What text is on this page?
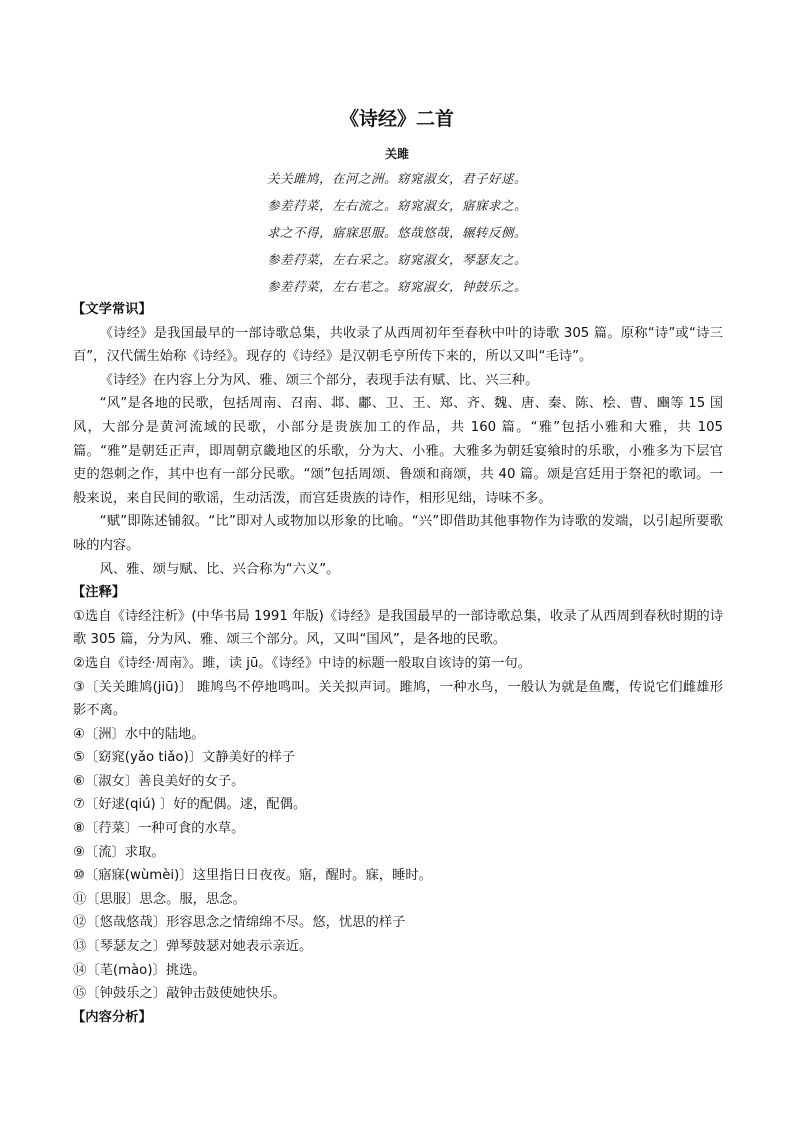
《诗经》二首
关雎
关关雎鸠，在河之洲。窈窕淑女，君子好逑。
参差荇菜，左右流之。窈窕淑女，寤寐求之。
求之不得，寤寐思服。悠哉悠哉，辗转反侧。
参差荇菜，左右采之。窈窕淑女，琴瑟友之。
参差荇菜，左右芼之。窈窕淑女，钟鼓乐之。
【文学常识】
《诗经》是我国最早的一部诗歌总集，共收录了从西周初年至春秋中叶的诗歌 305 篇。原称“诗”或“诗三百”，汉代儒生始称《诗经》。现存的《诗经》是汉朝毛亨所传下来的，所以又叫“毛诗”。
《诗经》在内容上分为风、雅、颂三个部分，表现手法有赋、比、兴三种。
“风”是各地的民歌，包括周南、召南、邶、鄘、卫、王、郑、齐、魏、唐、秦、陈、桧、曹、豳等 15 国风，大部分是黄河流域的民歌，小部分是贵族加工的作品，共 160 篇。“雅”包括小雅和大雅，共 105 篇。“雅”是朝廷正声，即周朝京畿地区的乐歌，分为大、小雅。大雅多为朝廷宴飨时的乐歌，小雅多为下层官吏的怨刺之作，其中也有一部分民歌。“颂”包括周颂、鲁颂和商颂，共 40 篇。颂是宫廷用于祭祀的歌词。一般来说，来自民间的歌谣，生动活泼，而宫廷贵族的诗作，相形见绌，诗味不多。
“赋”即陈述铺叙。“比”即对人或物加以形象的比喻。“兴”即借助其他事物作为诗歌的发端，以引起所要歌咏的内容。
风、雅、颂与赋、比、兴合称为“六义”。
【注释】
①选自《诗经注析》(中华书局 1991 年版)《诗经》是我国最早的一部诗歌总集，收录了从西周到春秋时期的诗歌 305 篇，分为风、雅、颂三个部分。风，又叫“国风”，是各地的民歌。
②选自《诗经·周南》。雎，读 jū。《诗经》中诗的标题一般取自该诗的第一句。
③〔关关雎鸠(jiū)〕 雎鸠鸟不停地鸣叫。关关拟声词。雎鸠，一种水鸟，一般认为就是鱼鹰，传说它们雌雄形影不离。
④〔洲〕水中的陆地。
⑤〔窈窕(yǎo tiǎo)〕文静美好的样子
⑥〔淑女〕善良美好的女子。
⑦〔好逑(qiú) 〕好的配偶。逑，配偶。
⑧〔荇菜〕一种可食的水草。
⑨〔流〕求取。
⑩〔寤寐(wùmèi)〕这里指日日夜夜。寤，醒时。寐，睡时。
⑪〔思服〕思念。服，思念。
⑫〔悠哉悠哉〕形容思念之情绵绵不尽。悠，忧思的样子
⑬〔琴瑟友之〕弹琴鼓瑟对她表示亲近。
⑭〔芼(mào)〕挑选。
⑮〔钟鼓乐之〕敲钟击鼓使她快乐。
【内容分析】
